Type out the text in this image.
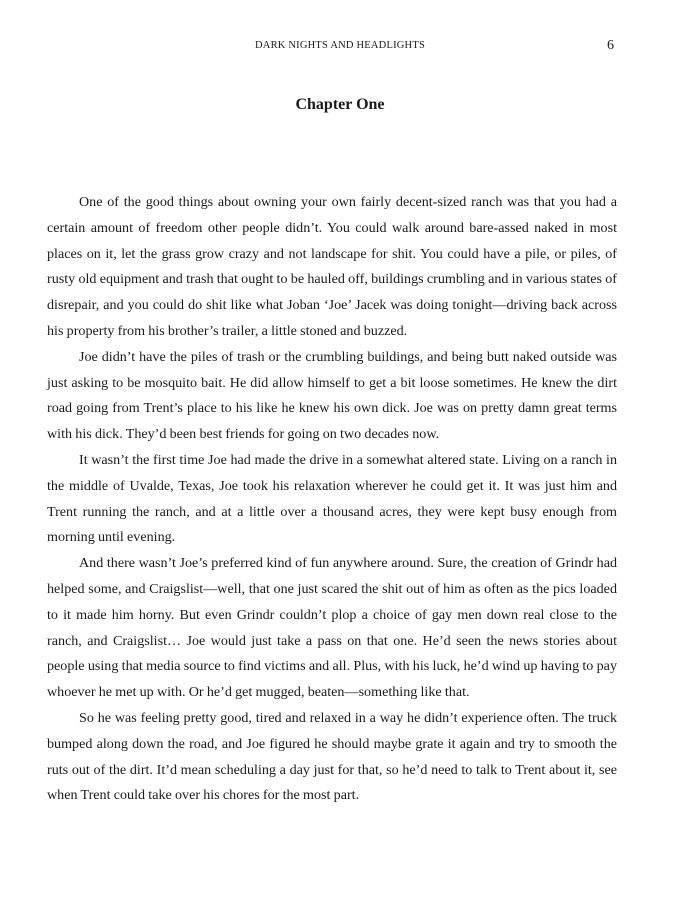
DARK NIGHTS AND HEADLIGHTS	6
Chapter One

One of the good things about owning your own fairly decent-sized ranch was that you had a certain amount of freedom other people didn’t. You could walk around bare-assed naked in most places on it, let the grass grow crazy and not landscape for shit. You could have a pile, or piles, of rusty old equipment and trash that ought to be hauled off, buildings crumbling and in various states of disrepair, and you could do shit like what Joban ‘Joe’ Jacek was doing tonight—driving back across his property from his brother’s trailer, a little stoned and buzzed.

Joe didn’t have the piles of trash or the crumbling buildings, and being butt naked outside was just asking to be mosquito bait. He did allow himself to get a bit loose sometimes. He knew the dirt road going from Trent’s place to his like he knew his own dick. Joe was on pretty damn great terms with his dick. They’d been best friends for going on two decades now.

It wasn’t the first time Joe had made the drive in a somewhat altered state. Living on a ranch in the middle of Uvalde, Texas, Joe took his relaxation wherever he could get it. It was just him and Trent running the ranch, and at a little over a thousand acres, they were kept busy enough from morning until evening.

And there wasn’t Joe’s preferred kind of fun anywhere around. Sure, the creation of Grindr had helped some, and Craigslist—well, that one just scared the shit out of him as often as the pics loaded to it made him horny. But even Grindr couldn’t plop a choice of gay men down real close to the ranch, and Craigslist… Joe would just take a pass on that one. He’d seen the news stories about people using that media source to find victims and all. Plus, with his luck, he’d wind up having to pay whoever he met up with. Or he’d get mugged, beaten—something like that.

So he was feeling pretty good, tired and relaxed in a way he didn’t experience often. The truck bumped along down the road, and Joe figured he should maybe grate it again and try to smooth the ruts out of the dirt. It’d mean scheduling a day just for that, so he’d need to talk to Trent about it, see when Trent could take over his chores for the most part.
